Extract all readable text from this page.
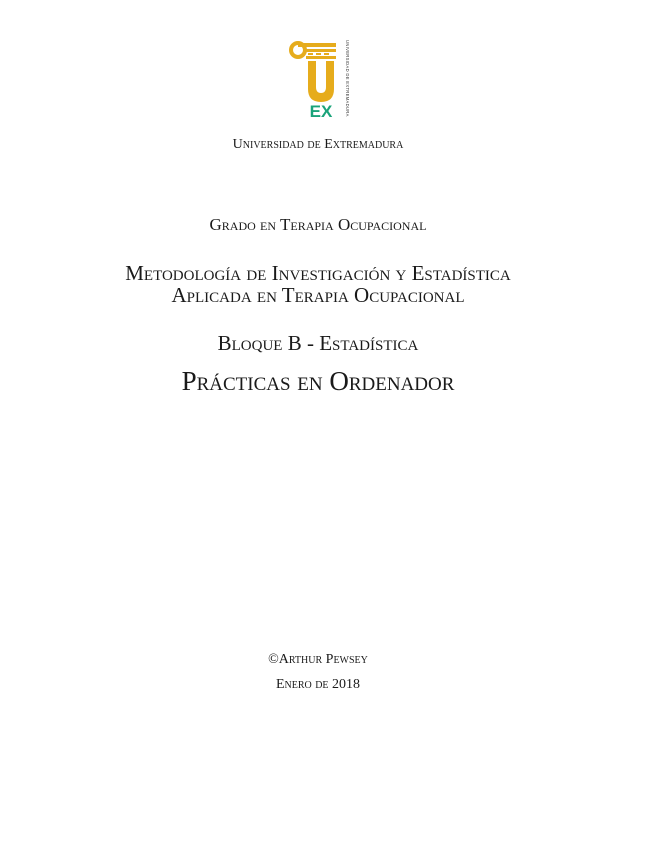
EX	UNIVERSIDAD DE EXTREMADURA
Universidad de Extremadura
Grado en Terapia Ocupacional
Metodología de Investigación y Estadística
Aplicada en Terapia Ocupacional
Bloque B - Estadística
Prácticas en Ordenador
©Arthur Pewsey
Enero de 2018
